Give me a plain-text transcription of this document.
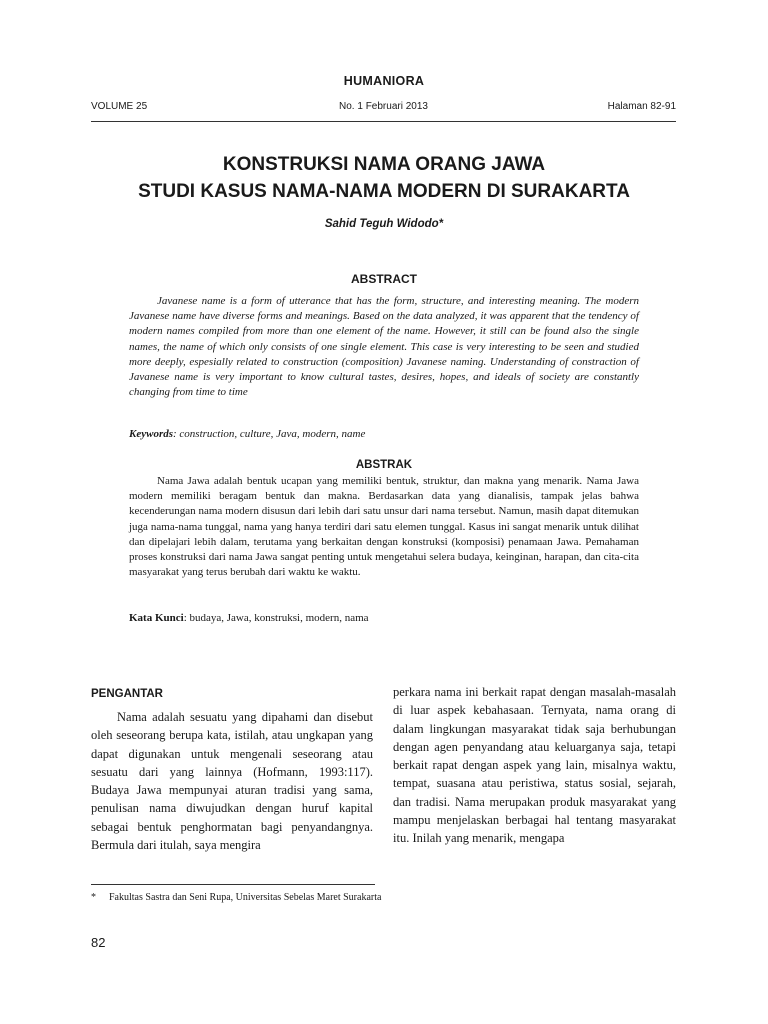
HUMANIORA
No. 1 Februari 2013
VOLUME 25	Halaman 82-91
KONSTRUKSI NAMA ORANG JAWA
STUDI KASUS NAMA-NAMA MODERN DI SURAKARTA
Sahid Teguh Widodo*
ABSTRACT

Javanese name is a form of utterance that has the form, structure, and interesting meaning. The modern Javanese name have diverse forms and meanings. Based on the data analyzed, it was apparent that the tendency of modern names compiled from more than one element of the name. However, it still can be found also the single names, the name of which only consists of one single element. This case is very interesting to be seen and studied more deeply, espesially related to construction (composition) Javanese naming. Understanding of constraction of Javanese name is very important to know cultural tastes, desires, hopes, and ideals of society are constantly changing from time to time

Keywords: construction, culture, Java, modern, name

ABSTRAK

Nama Jawa adalah bentuk ucapan yang memiliki bentuk, struktur, dan makna yang menarik. Nama Jawa modern memiliki beragam bentuk dan makna. Berdasarkan data yang dianalisis, tampak jelas bahwa kecenderungan nama modern disusun dari lebih dari satu unsur dari nama tersebut. Namun, masih dapat ditemukan juga nama-nama tunggal, nama yang hanya terdiri dari satu elemen tunggal. Kasus ini sangat menarik untuk dilihat dan dipelajari lebih dalam, terutama yang berkaitan dengan konstruksi (komposisi) penamaan Jawa. Pemahaman proses konstruksi dari nama Jawa sangat penting untuk mengetahui selera budaya, keinginan, harapan, dan cita-cita masyarakat yang terus berubah dari waktu ke waktu.

Kata Kunci: budaya, Jawa, konstruksi, modern, nama

PENGANTAR

Nama adalah sesuatu yang dipahami dan disebut oleh seseorang berupa kata, istilah, atau ungkapan yang dapat digunakan untuk mengenali seseorang atau sesuatu dari yang lainnya (Hofmann, 1993:117). Budaya Jawa mempunyai aturan tradisi yang sama, penulisan nama diwujudkan dengan huruf kapital sebagai bentuk penghormatan bagi penyandangnya. Bermula dari itulah, saya mengira

perkara nama ini berkait rapat dengan masalah-masalah di luar aspek kebahasaan. Ternyata, nama orang di dalam lingkungan masyarakat tidak saja berhubungan dengan agen penyandang atau keluarganya saja, tetapi berkait rapat dengan aspek yang lain, misalnya waktu, tempat, suasana atau peristiwa, status sosial, sejarah, dan tradisi. Nama merupakan produk masyarakat yang mampu menjelaskan berbagai hal tentang masyarakat itu. Inilah yang menarik, mengapa

* Fakultas Sastra dan Seni Rupa, Universitas Sebelas Maret Surakarta
82
